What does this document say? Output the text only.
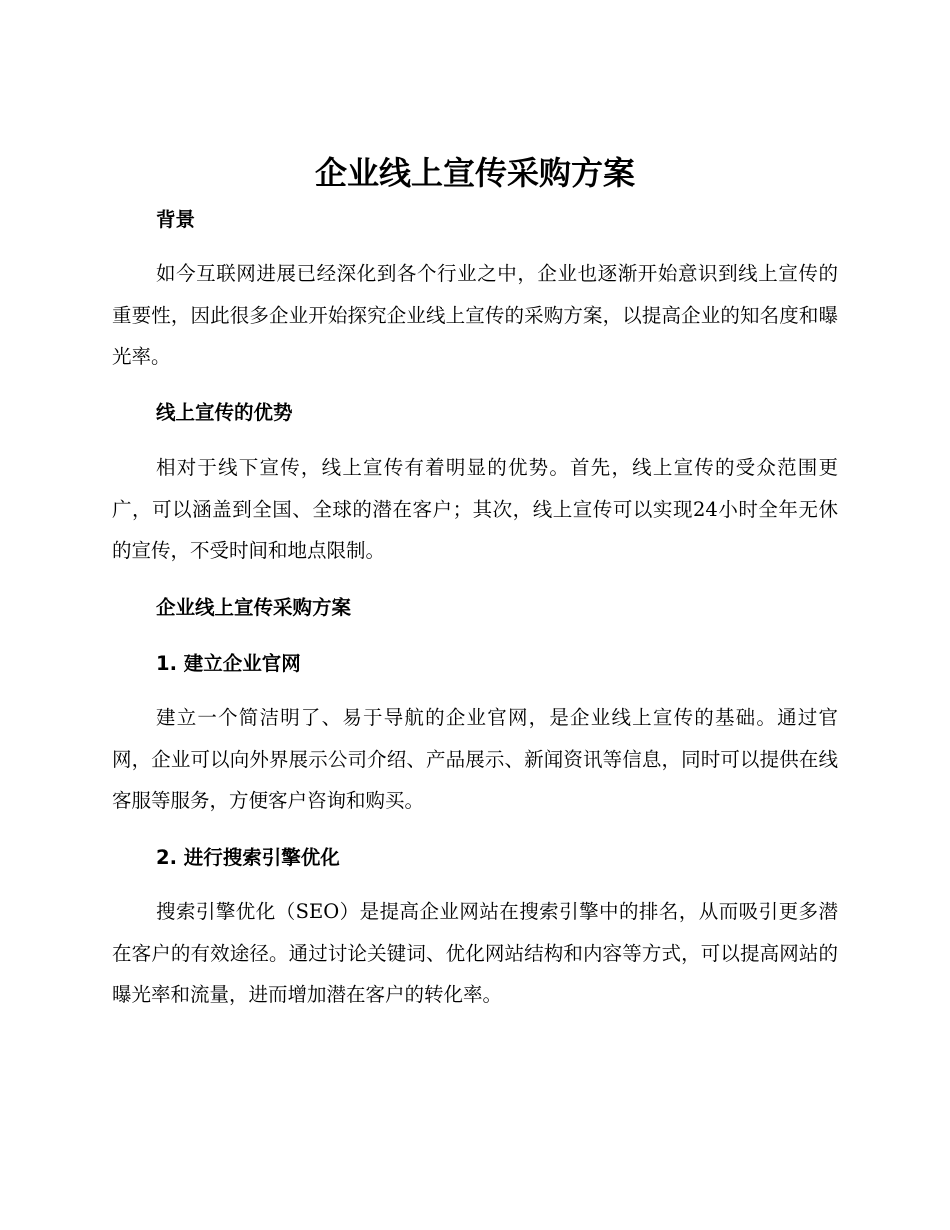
企业线上宣传采购方案
背景

如今互联网进展已经深化到各个行业之中，企业也逐渐开始意识到线上宣传的重要性，因此很多企业开始探究企业线上宣传的采购方案，以提高企业的知名度和曝光率。

线上宣传的优势

相对于线下宣传，线上宣传有着明显的优势。首先，线上宣传的受众范围更广，可以涵盖到全国、全球的潜在客户；其次，线上宣传可以实现24小时全年无休的宣传，不受时间和地点限制。

企业线上宣传采购方案
1. 建立企业官网

建立一个简洁明了、易于导航的企业官网，是企业线上宣传的基础。通过官网，企业可以向外界展示公司介绍、产品展示、新闻资讯等信息，同时可以提供在线客服等服务，方便客户咨询和购买。

2. 进行搜索引擎优化

搜索引擎优化（SEO）是提高企业网站在搜索引擎中的排名，从而吸引更多潜在客户的有效途径。通过讨论关键词、优化网站结构和内容等方式，可以提高网站的曝光率和流量，进而增加潜在客户的转化率。
